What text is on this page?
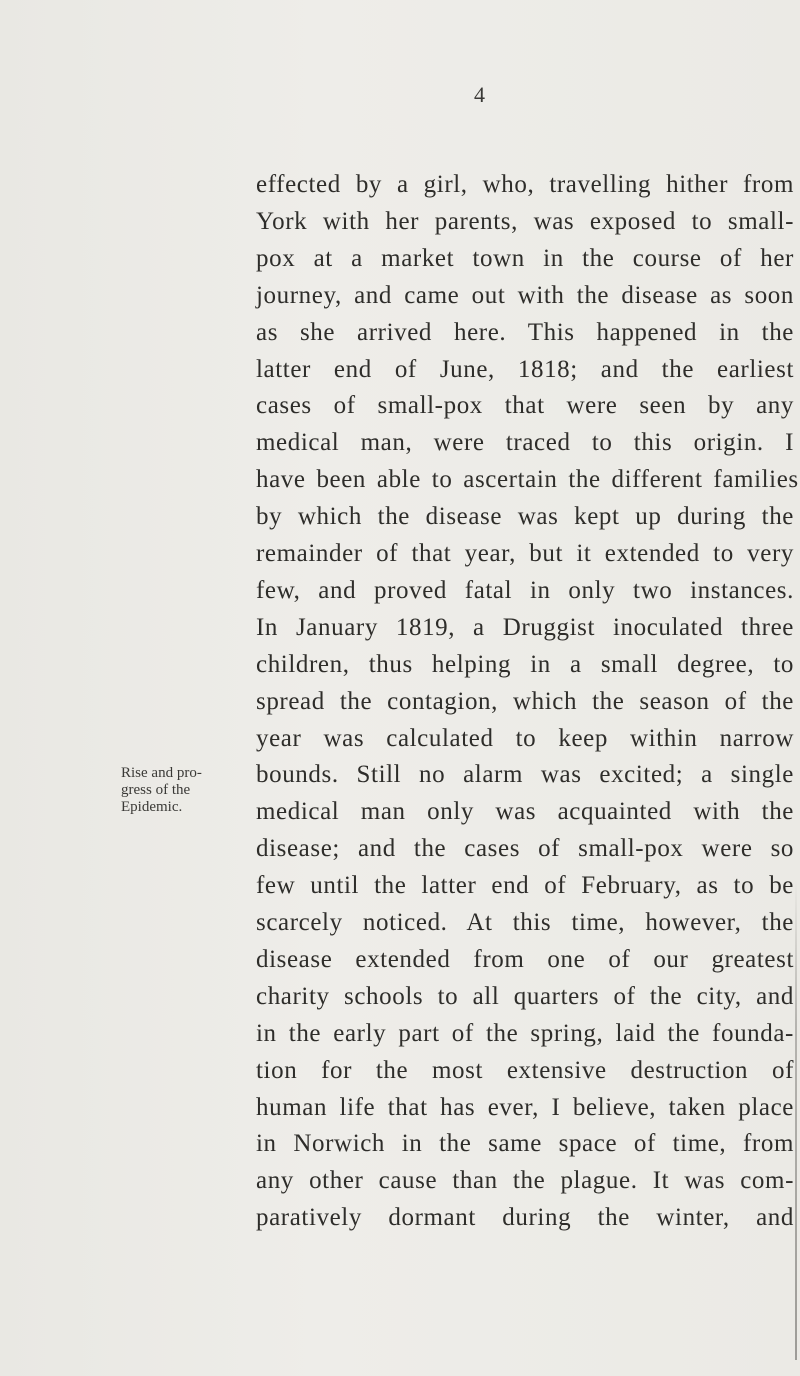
4
effected by a girl, who, travelling hither from
York with her parents, was exposed to small-
pox at a market town in the course of her
journey, and came out with the disease as soon
as she arrived here. This happened in the
latter end of June, 1818; and the earliest
cases of small-pox that were seen by any
medical man, were traced to this origin. I
have been able to ascertain the different families
by which the disease was kept up during the
remainder of that year, but it extended to very
few, and proved fatal in only two instances.
In January 1819, a Druggist inoculated three
children, thus helping in a small degree, to
spread the contagion, which the season of the
year was calculated to keep within narrow
bounds. Still no alarm was excited; a single
medical man only was acquainted with the
disease; and the cases of small-pox were so
few until the latter end of February, as to be
scarcely noticed. At this time, however, the
disease extended from one of our greatest
charity schools to all quarters of the city, and
in the early part of the spring, laid the founda-
tion for the most extensive destruction of
human life that has ever, I believe, taken place
in Norwich in the same space of time, from
any other cause than the plague. It was com-
paratively dormant during the winter, and
Rise and pro-
gress of the
Epidemic.
